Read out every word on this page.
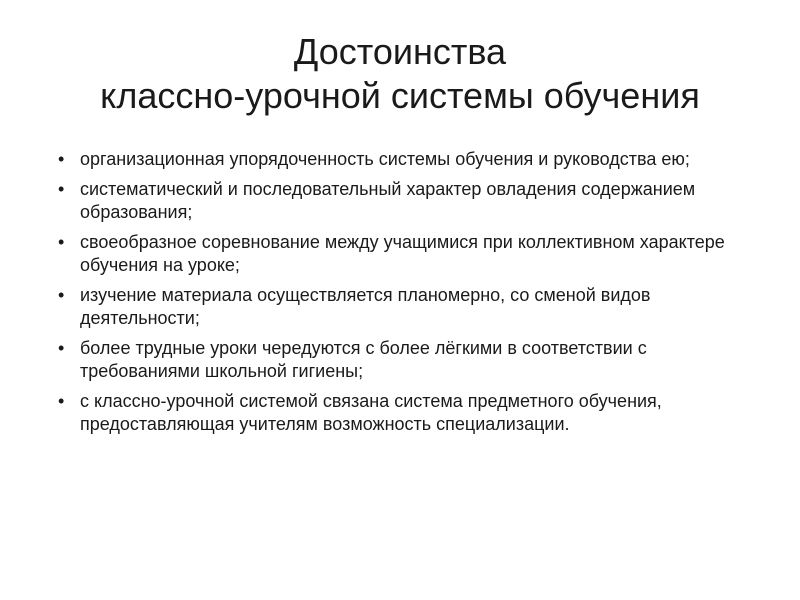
Достоинства
классно-урочной системы обучения
• организационная упорядоченность системы обучения и руководства ею;
• систематический и последовательный характер овладения содержанием образования;
• своеобразное соревнование между учащимися при коллективном характере обучения на уроке;
• изучение материала осуществляется планомерно, со сменой видов деятельности;
• более трудные уроки чередуются с более лёгкими в соответствии с требованиями школьной гигиены;
• с классно-урочной системой связана система предметного обучения, предоставляющая учителям возможность специализации.
